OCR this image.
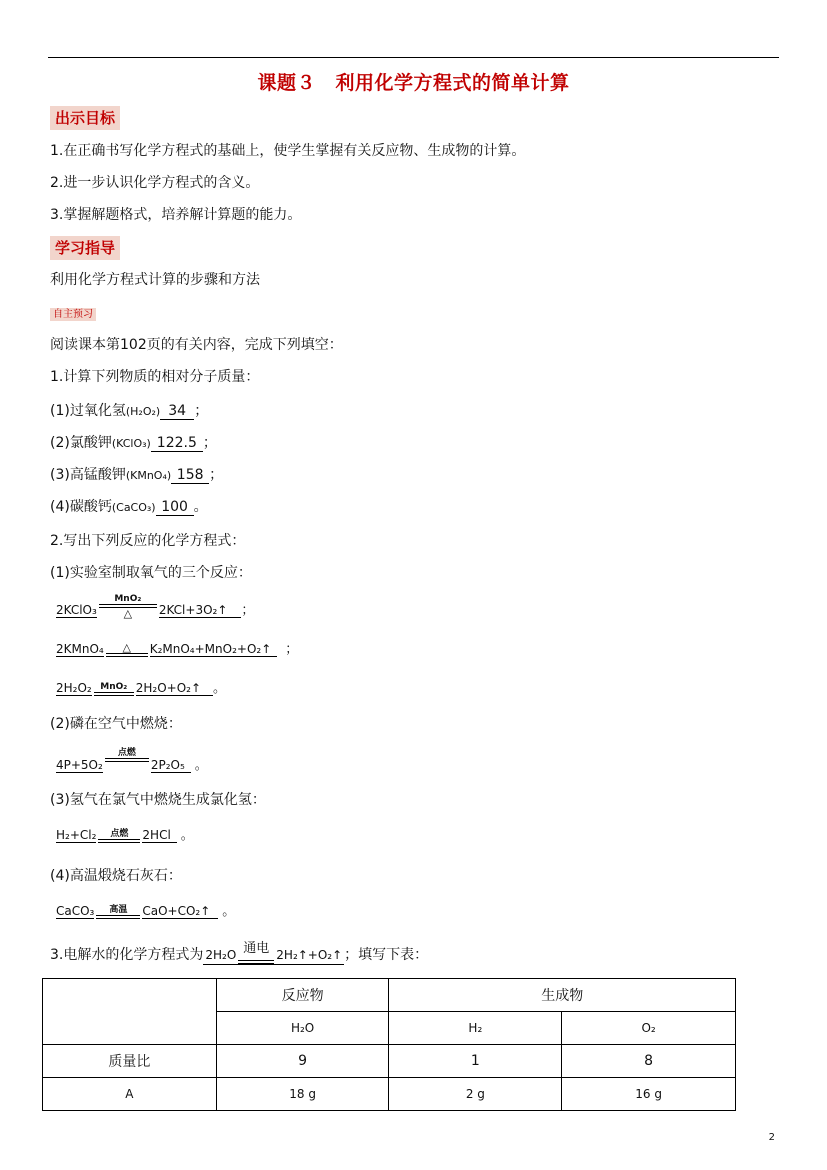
课题３　利用化学方程式的简单计算
出示目标
1.在正确书写化学方程式的基础上，使学生掌握有关反应物、生成物的计算。
2.进一步认识化学方程式的含义。
3.掌握解题格式，培养解计算题的能力。
学习指导
利用化学方程式计算的步骤和方法
自主预习
阅读课本第102页的有关内容，完成下列填空：
1.计算下列物质的相对分子质量：
(1)过氧化氢(H₂O₂) 34 ；
(2)氯酸钾(KClO₃) 122.5 ；
(3)高锰酸钾(KMnO₄) 158 ；
(4)碳酸钙(CaCO₃) 100 。
2.写出下列反应的化学方程式：
(1)实验室制取氧气的三个反应：
2KClO₃
MnO₂
△	2KCl+3O₂↑ ；
2KMnO₄	△	K₂MnO₄+MnO₂+O₂↑ ；
2H₂O₂ MnO₂ 2H₂O+O₂↑ 。
(2)磷在空气中燃烧：
4P+5O₂
点燃

2P₂O₅ 。
(3)氢气在氯气中燃烧生成氯化氢：
H₂+Cl₂	点燃	2HCl 。
(4)高温煅烧石灰石：
CaCO₃	高温	CaO+CO₂↑ 。
3.电解水的化学方程式为 2H₂O 通电 2H₂↑+O₂↑ ；填写下表：
	反应物	生成物	
	H₂O	H₂	O₂
质量比	9	1	8
A	18 g	2 g	16 g
2
